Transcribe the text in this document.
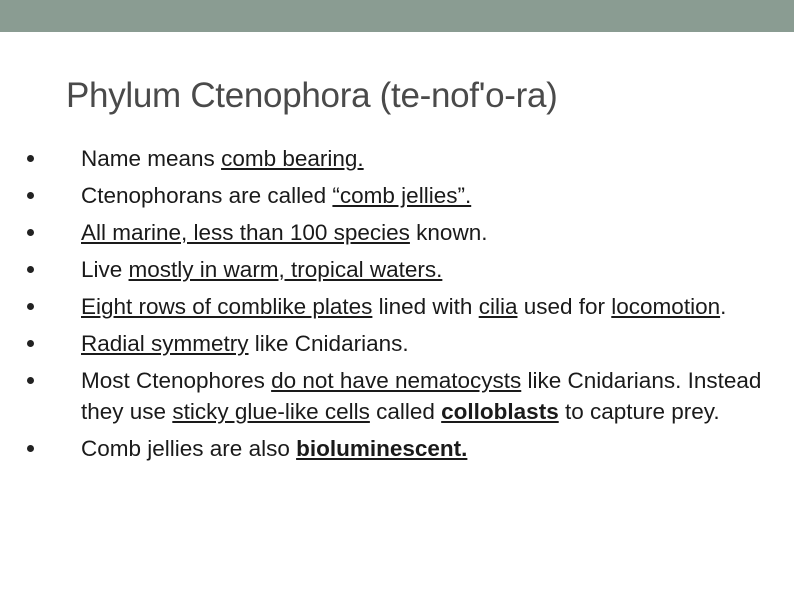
Phylum Ctenophora (te-nof'o-ra)
Name means comb bearing.
Ctenophorans are called “comb jellies”.
All marine, less than 100 species known.
Live mostly in warm, tropical waters.
Eight rows of comblike plates lined with cilia used for locomotion.
Radial symmetry like Cnidarians.
Most Ctenophores do not have nematocysts like Cnidarians. Instead they use sticky glue-like cells called colloblasts to capture prey.
Comb jellies are also bioluminescent.
